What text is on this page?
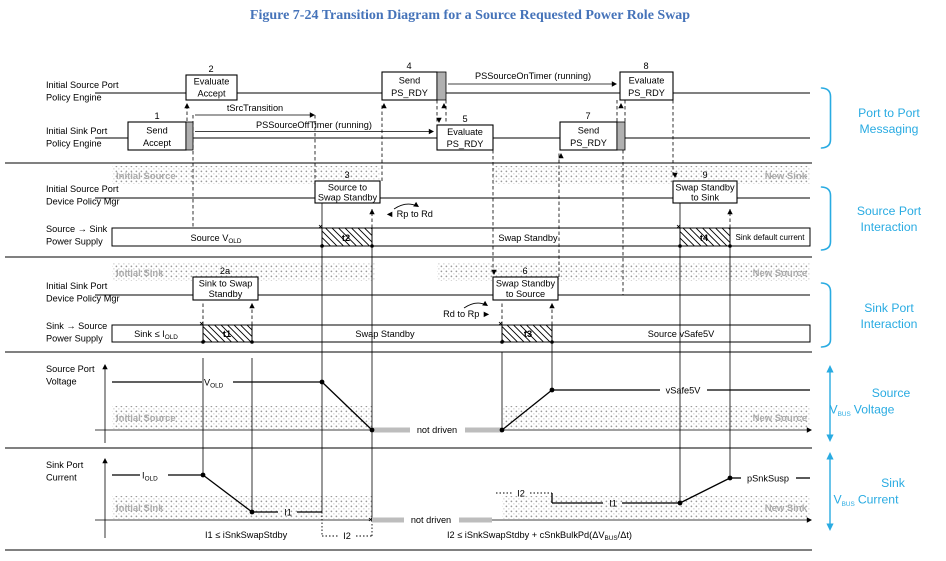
Figure 7-24 Transition Diagram for a Source Requested Power Role Swap
Initial Source Port Policy Engine
Initial Sink Port Policy Engine
Initial Source Port Device Policy Mgr
Source → Sink Power Supply
Initial Sink Port Device Policy Mgr
Sink → Source Power Supply
Source Port Voltage
Sink Port Current
Initial Source	New Sink
Initial Sink	New Source
Initial Source	New Source
Initial Sink	New Sink
Source $V_{OLD}$	t2	Swap Standby	t4	Sink default current
Sink ≤ $I_{OLD}$	t1	Swap Standby	t3	Source vSafe5V
tSrcTransition
PSSourceOffTimer (running)
PSSourceOnTimer (running)
$V_{OLD}$
not driven
vSafe5V
$I_{OLD}$
I1
I2
not driven
I2
I1
pSnkSusp
1
Send
Accept
2
Evaluate
Accept
3
Source to
Swap Standby
4
Send
PS_RDY
5
Evaluate
PS_RDY
6
Swap Standby
to Source
7
Send
PS_RDY
8
Evaluate
PS_RDY
9
Swap Standby
to Sink
2a
Sink to Swap
Standby
◄ Rp to Rd
Rd to Rp ►
I1 ≤ iSnkSwapStdby	I2 ≤ iSnkSwapStdby + $cSnkBulkPd(\Delta V_{BUS}/\Delta t)$
Port to Port Messaging
Source Port Interaction
Sink Port Interaction
Source $V_{BUS}$ Voltage
Sink $V_{BUS}$ Current
